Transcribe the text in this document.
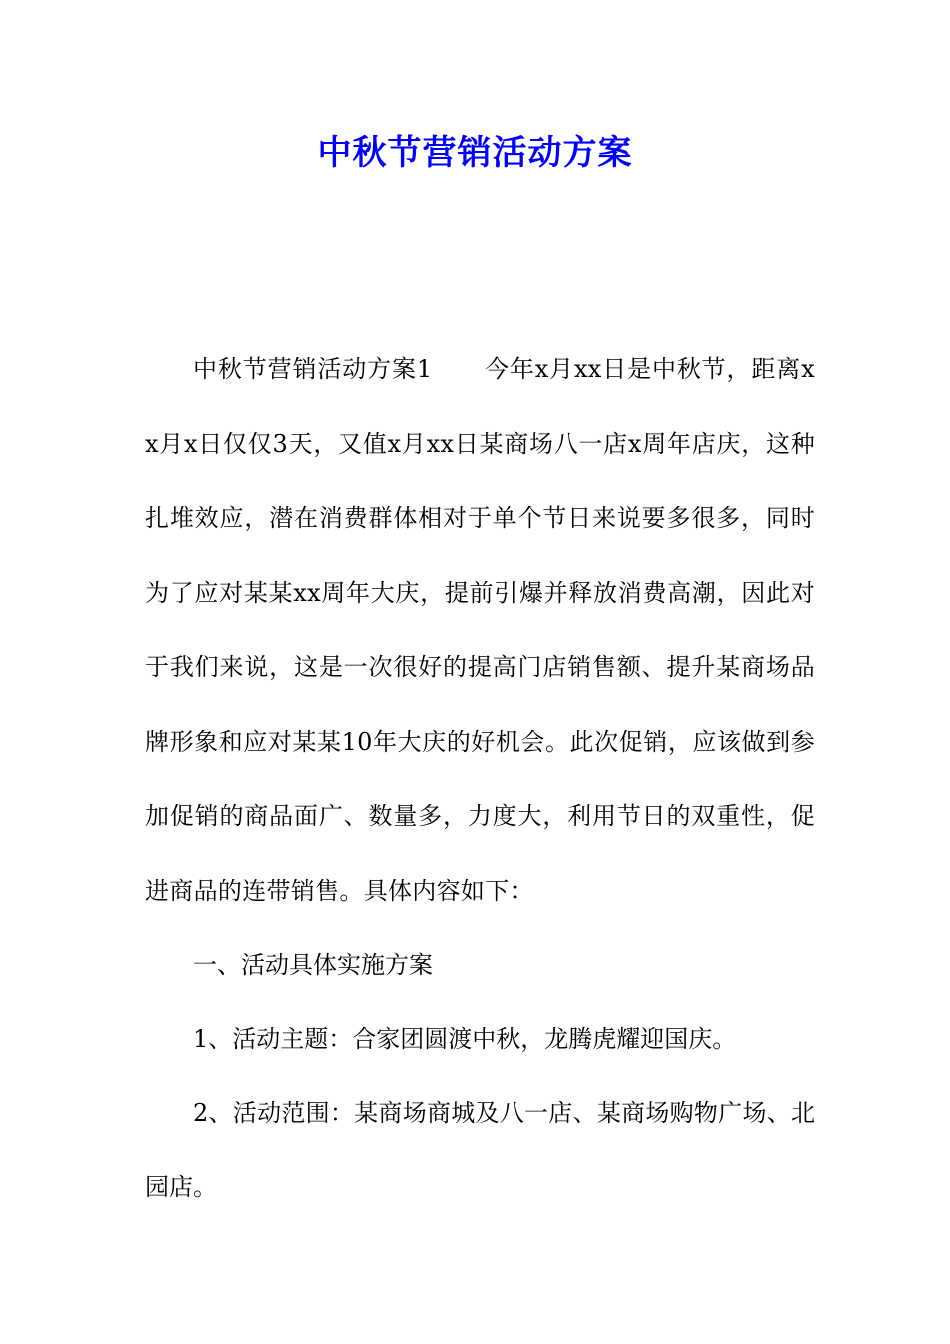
中秋节营销活动方案

中秋节营销活动方案1 今年x月xx日是中秋节，距离xx月x日仅仅3天，又值x月xx日某商场八一店x周年店庆，这种扎堆效应，潜在消费群体相对于单个节日来说要多很多，同时为了应对某某xx周年大庆，提前引爆并释放消费高潮，因此对于我们来说，这是一次很好的提高门店销售额、提升某商场品牌形象和应对某某10年大庆的好机会。此次促销，应该做到参加促销的商品面广、数量多，力度大，利用节日的双重性，促进商品的连带销售。具体内容如下：

一、活动具体实施方案

1、活动主题：合家团圆渡中秋，龙腾虎耀迎国庆。

2、活动范围：某商场商城及八一店、某商场购物广场、北园店。
